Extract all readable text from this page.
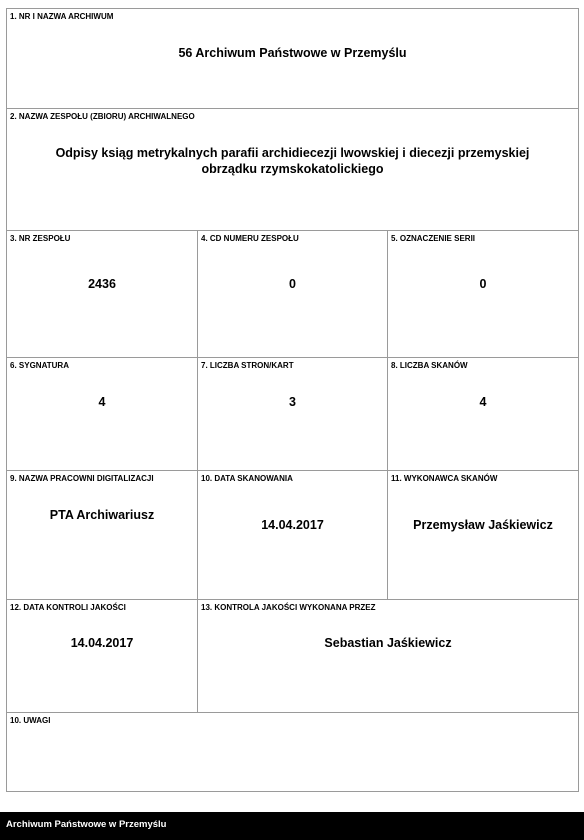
1. NR I NAZWA ARCHIWUM
56 Archiwum Państwowe w Przemyślu
2. NAZWA ZESPOŁU (ZBIORU) ARCHIWALNEGO
Odpisy ksiąg metrykalnych parafii archidiecezji lwowskiej i diecezji przemyskiej
obrządku rzymskokatolickiego
3. NR ZESPOŁU
2436
4. CD NUMERU ZESPOŁU
0
5. OZNACZENIE SERII
0
6. SYGNATURA
4
7. LICZBA STRON/KART
3
8. LICZBA SKANÓW
4
9. NAZWA PRACOWNI DIGITALIZACJI
PTA Archiwariusz
10. DATA SKANOWANIA
14.04.2017
11. WYKONAWCA SKANÓW
Przemysław Jaśkiewicz
12. DATA KONTROLI JAKOŚCI
14.04.2017
13. KONTROLA JAKOŚCI WYKONANA PRZEZ
Sebastian Jaśkiewicz
10. UWAGI
Archiwum Państwowe w Przemyślu
